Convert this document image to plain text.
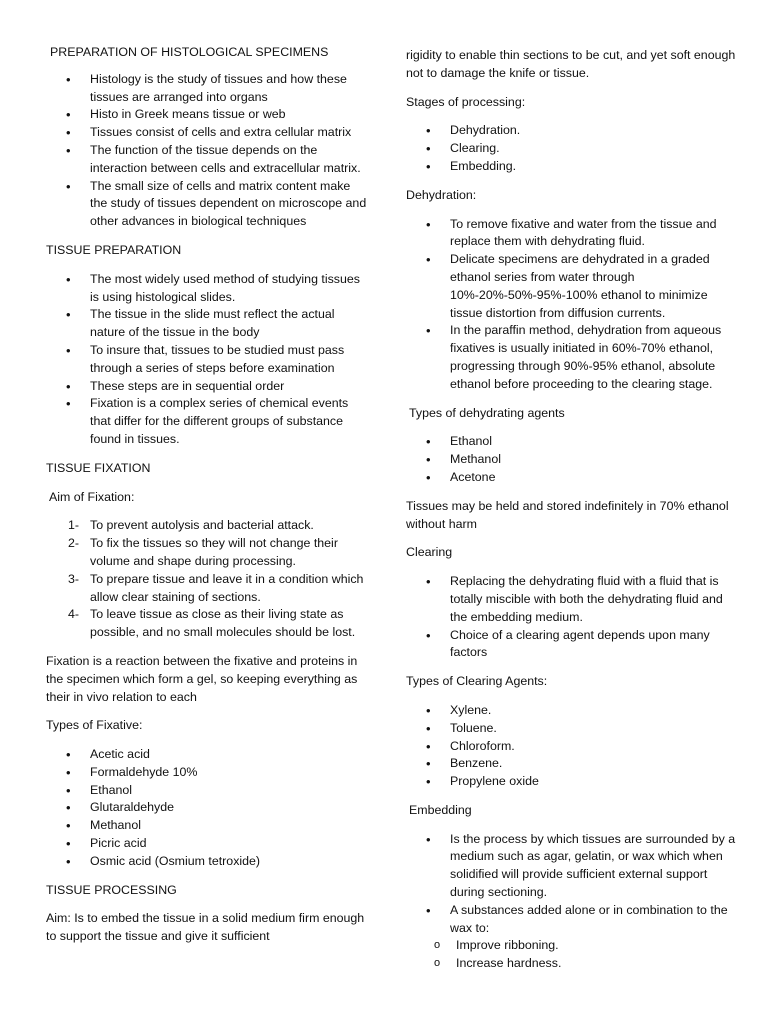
PREPARATION OF HISTOLOGICAL SPECIMENS

• Histology is the study of tissues and how these tissues are arranged into organs
• Histo in Greek means tissue or web
• Tissues consist of cells and extra cellular matrix
• The function of the tissue depends on the interaction between cells and extracellular matrix.
• The small size of cells and matrix content make the study of tissues dependent on microscope and other advances in biological techniques

TISSUE PREPARATION

• The most widely used method of studying tissues is using histological slides.
• The tissue in the slide must reflect the actual nature of the tissue in the body
• To insure that, tissues to be studied must pass through a series of steps before examination
• These steps are in sequential order
• Fixation is a complex series of chemical events that differ for the different groups of substance found in tissues.

TISSUE FIXATION

Aim of Fixation:

1- To prevent autolysis and bacterial attack.
2- To fix the tissues so they will not change their volume and shape during processing.
3- To prepare tissue and leave it in a condition which allow clear staining of sections.
4- To leave tissue as close as their living state as possible, and no small molecules should be lost.

Fixation is a reaction between the fixative and proteins in the specimen which form a gel, so keeping everything as their in vivo relation to each

Types of Fixative:

• Acetic acid
• Formaldehyde 10%
• Ethanol
• Glutaraldehyde
• Methanol
• Picric acid
• Osmic acid (Osmium tetroxide)

TISSUE PROCESSING

Aim: Is to embed the tissue in a solid medium firm enough to support the tissue and give it sufficient

rigidity to enable thin sections to be cut, and yet soft enough not to damage the knife or tissue.

Stages of processing:

• Dehydration.
• Clearing.
• Embedding.

Dehydration:

• To remove fixative and water from the tissue and replace them with dehydrating fluid.
• Delicate specimens are dehydrated in a graded ethanol series from water through 10%-20%-50%-95%-100% ethanol to minimize tissue distortion from diffusion currents.
• In the paraffin method, dehydration from aqueous fixatives is usually initiated in 60%-70% ethanol, progressing through 90%-95% ethanol, absolute ethanol before proceeding to the clearing stage.

Types of dehydrating agents

• Ethanol
• Methanol
• Acetone

Tissues may be held and stored indefinitely in 70% ethanol without harm

Clearing

• Replacing the dehydrating fluid with a fluid that is totally miscible with both the dehydrating fluid and the embedding medium.
• Choice of a clearing agent depends upon many factors

Types of Clearing Agents:

• Xylene.
• Toluene.
• Chloroform.
• Benzene.
• Propylene oxide

Embedding

• Is the process by which tissues are surrounded by a medium such as agar, gelatin, or wax which when solidified will provide sufficient external support during sectioning.
• A substances added alone or in combination to the wax to:
o Improve ribboning.
o Increase hardness.
